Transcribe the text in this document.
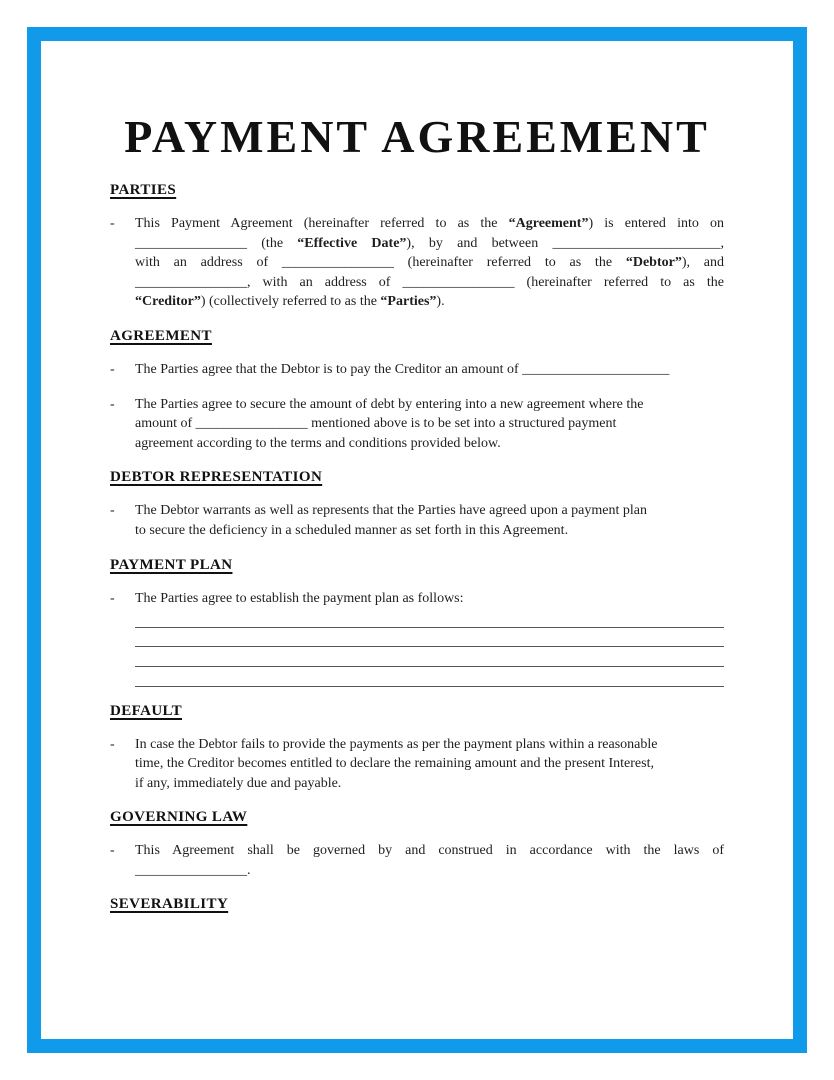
PAYMENT AGREEMENT
PARTIES
-	This Payment Agreement (hereinafter referred to as the “Agreement”) is entered into on
________________ (the “Effective Date”), by and between ________________________,
with an address of ________________ (hereinafter referred to as the “Debtor”), and
________________, with an address of ________________ (hereinafter referred to as the
“Creditor”) (collectively referred to as the “Parties”).
AGREEMENT
-	The Parties agree that the Debtor is to pay the Creditor an amount of _____________________
-	The Parties agree to secure the amount of debt by entering into a new agreement where the
amount of ________________ mentioned above is to be set into a structured payment
agreement according to the terms and conditions provided below.
DEBTOR REPRESENTATION
-	The Debtor warrants as well as represents that the Parties have agreed upon a payment plan
to secure the deficiency in a scheduled manner as set forth in this Agreement.
PAYMENT PLAN
-	The Parties agree to establish the payment plan as follows:
DEFAULT
-	In case the Debtor fails to provide the payments as per the payment plans within a reasonable
time, the Creditor becomes entitled to declare the remaining amount and the present Interest,
if any, immediately due and payable.
GOVERNING LAW
-	This Agreement shall be governed by and construed in accordance with the laws of
________________.
SEVERABILITY
